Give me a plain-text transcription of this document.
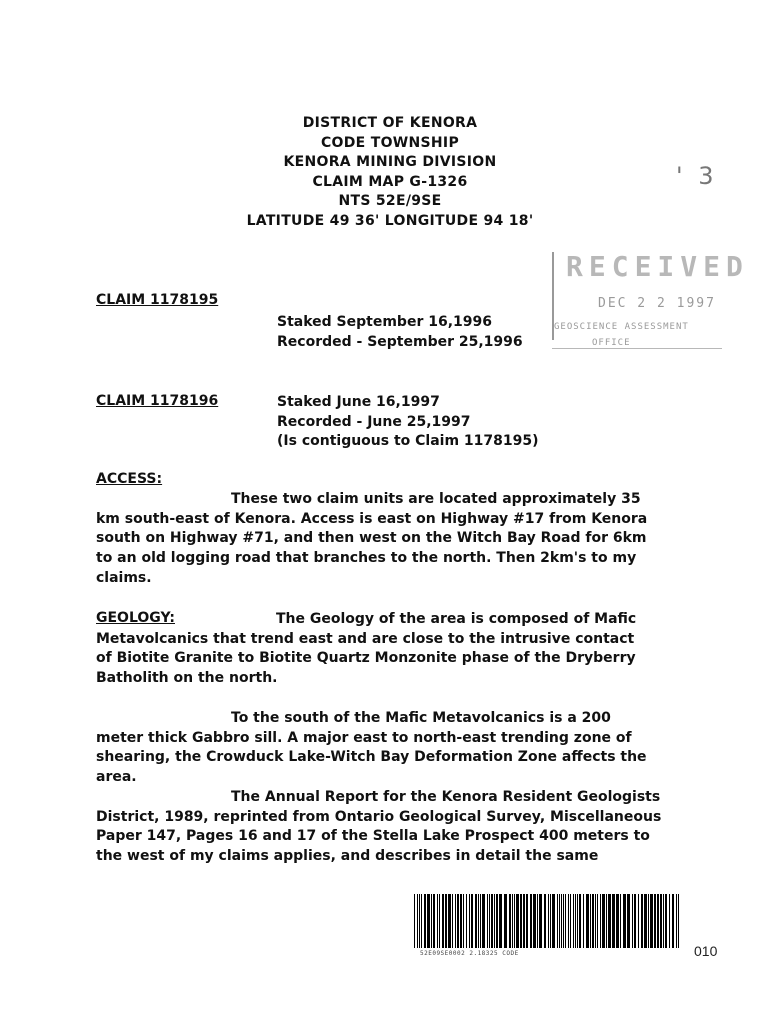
DISTRICT OF KENORA
CODE TOWNSHIP
KENORA MINING DIVISION
CLAIM MAP G-1326
NTS 52E/9SE
LATITUDE 49 36' LONGITUDE 94 18'
' 3
RECEIVED
DEC 2 2 1997
GEOSCIENCE ASSESSMENT
OFFICE
CLAIM 1178195
Staked September 16,1996
Recorded - September 25,1996
CLAIM 1178196	Staked June 16,1997
Recorded - June 25,1997
(Is contiguous to Claim 1178195)
ACCESS:
These two claim units are located approximately 35
km south-east of Kenora. Access is east on Highway #17 from Kenora
south on Highway #71, and then west on the Witch Bay Road for 6km
to an old logging road that branches to the north. Then 2km's to my
claims.
GEOLOGY:	The Geology of the area is composed of Mafic
Metavolcanics that trend east and are close to the intrusive contact
of Biotite Granite to Biotite Quartz Monzonite phase of the Dryberry
Batholith on the north.
To the south of the Mafic Metavolcanics is a 200
meter thick Gabbro sill. A major east to north-east trending zone of
shearing, the Crowduck Lake-Witch Bay Deformation Zone affects the
area.
The Annual Report for the Kenora Resident Geologists
District, 1989, reprinted from Ontario Geological Survey, Miscellaneous
Paper 147, Pages 16 and 17 of the Stella Lake Prospect 400 meters to
the west of my claims applies, and describes in detail the same
52E09SE0002 2.18325 CODE	010
